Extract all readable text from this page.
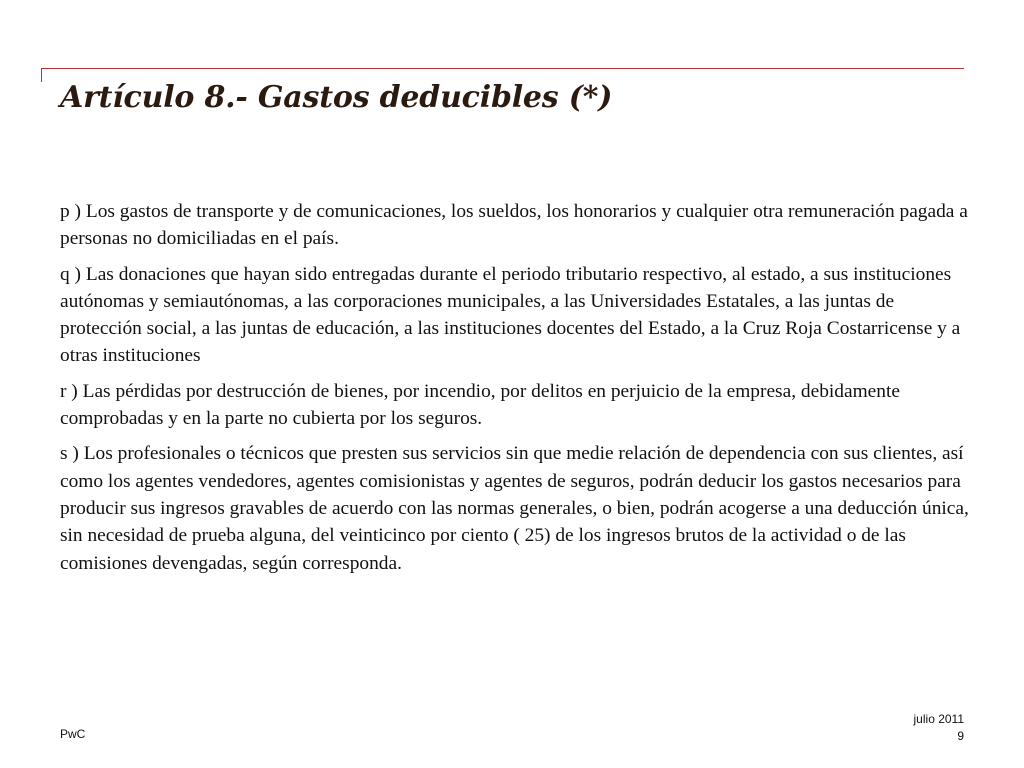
Artículo 8.- Gastos deducibles (*)

p ) Los gastos de transporte y de comunicaciones, los sueldos, los honorarios y cualquier otra remuneración pagada a personas no domiciliadas en el país.

q ) Las donaciones que hayan sido entregadas durante el periodo tributario respectivo, al estado, a sus instituciones autónomas y semiautónomas, a las corporaciones municipales, a las Universidades Estatales, a las juntas de protección social, a las juntas de educación, a las instituciones docentes del Estado, a la Cruz Roja Costarricense y a otras instituciones

r ) Las pérdidas por destrucción de bienes, por incendio, por delitos en perjuicio de la empresa, debidamente comprobadas y en la parte no cubierta por los seguros.

s ) Los profesionales o técnicos que presten sus servicios sin que medie relación de dependencia con sus clientes, así como los agentes vendedores, agentes comisionistas y agentes de seguros, podrán deducir los gastos necesarios para producir sus ingresos gravables de acuerdo con las normas generales, o bien, podrán acogerse a una deducción única, sin necesidad de prueba alguna, del veinticinco por ciento ( 25) de los ingresos brutos de la actividad o de las comisiones devengadas, según corresponda.

PwC
julio 2011
9
